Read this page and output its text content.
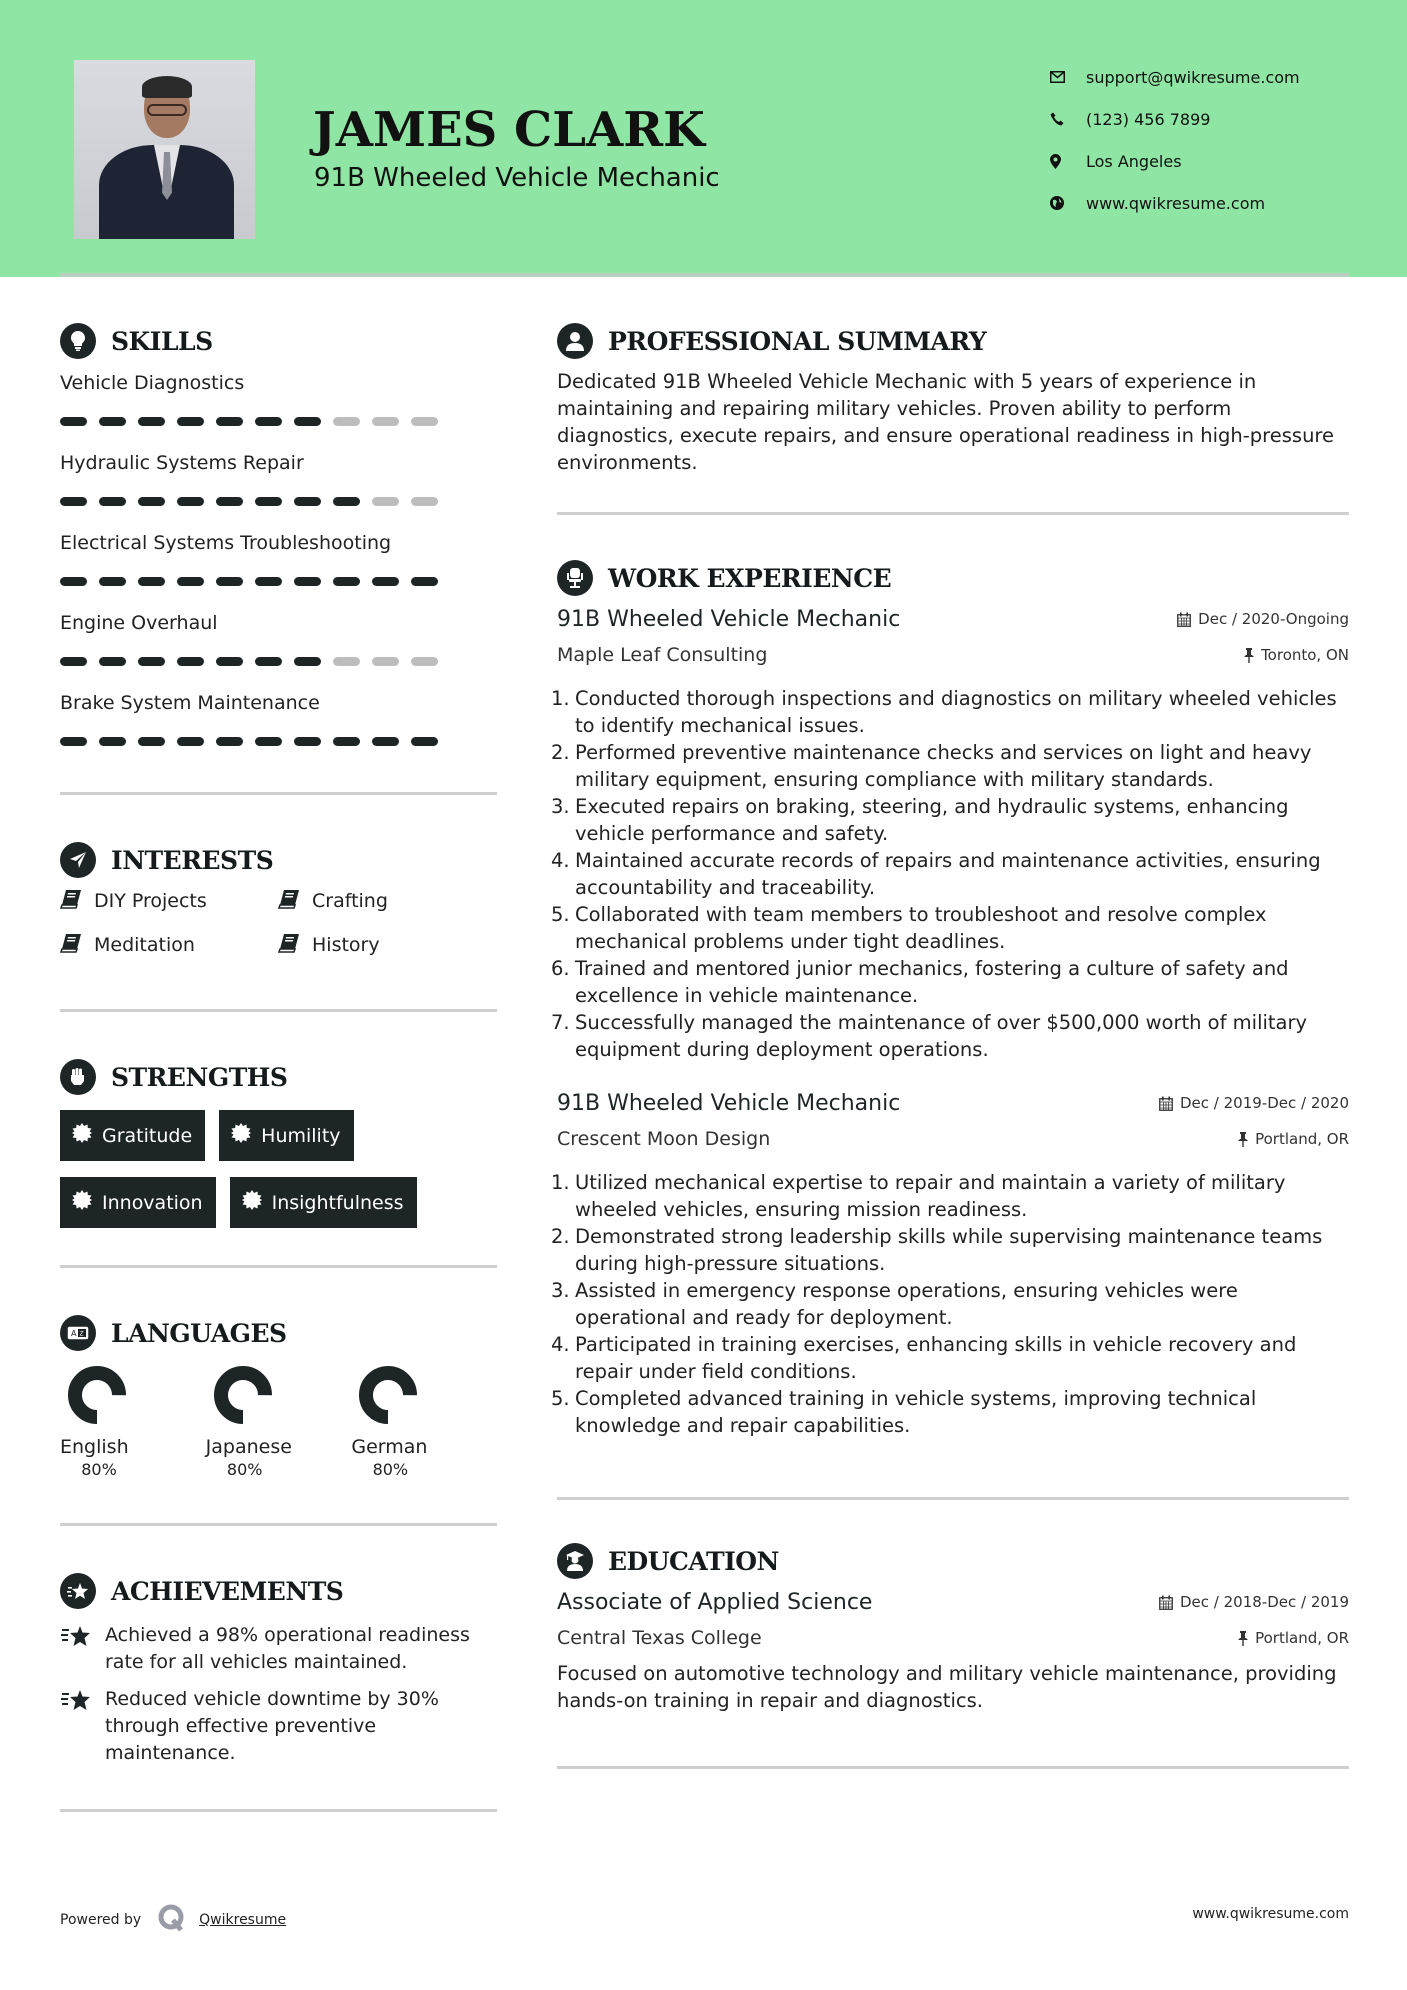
JAMES CLARK
91B Wheeled Vehicle Mechanic
support@qwikresume.com
(123) 456 7899
Los Angeles
www.qwikresume.com
SKILLS
Vehicle Diagnostics
Hydraulic Systems Repair
Electrical Systems Troubleshooting
Engine Overhaul
Brake System Maintenance
INTERESTS
DIY Projects	Crafting
Meditation	History
STRENGTHS
Gratitude	Humility
Innovation	Insightfulness
A Z LANGUAGES
English
80%
Japanese
80%
German
80%
ACHIEVEMENTS
Achieved a 98% operational readiness rate for all vehicles maintained.
Reduced vehicle downtime by 30% through effective preventive maintenance.
PROFESSIONAL SUMMARY

Dedicated 91B Wheeled Vehicle Mechanic with 5 years of experience in maintaining and repairing military vehicles. Proven ability to perform diagnostics, execute repairs, and ensure operational readiness in high-pressure environments.

WORK EXPERIENCE
91B Wheeled Vehicle Mechanic	Dec / 2020-Ongoing
Maple Leaf Consulting	Toronto, ON
1. Conducted thorough inspections and diagnostics on military wheeled vehicles to identify mechanical issues.
2. Performed preventive maintenance checks and services on light and heavy military equipment, ensuring compliance with military standards.
3. Executed repairs on braking, steering, and hydraulic systems, enhancing vehicle performance and safety.
4. Maintained accurate records of repairs and maintenance activities, ensuring accountability and traceability.
5. Collaborated with team members to troubleshoot and resolve complex mechanical problems under tight deadlines.
6. Trained and mentored junior mechanics, fostering a culture of safety and excellence in vehicle maintenance.
7. Successfully managed the maintenance of over $500,000 worth of military equipment during deployment operations.
91B Wheeled Vehicle Mechanic	Dec / 2019-Dec / 2020
Crescent Moon Design	Portland, OR
1. Utilized mechanical expertise to repair and maintain a variety of military wheeled vehicles, ensuring mission readiness.
2. Demonstrated strong leadership skills while supervising maintenance teams during high-pressure situations.
3. Assisted in emergency response operations, ensuring vehicles were operational and ready for deployment.
4. Participated in training exercises, enhancing skills in vehicle recovery and repair under field conditions.
5. Completed advanced training in vehicle systems, improving technical knowledge and repair capabilities.
EDUCATION
Associate of Applied Science	Dec / 2018-Dec / 2019
Central Texas College	Portland, OR

Focused on automotive technology and military vehicle maintenance, providing hands-on training in repair and diagnostics.

Powered by	Qwikresume	www.qwikresume.com
